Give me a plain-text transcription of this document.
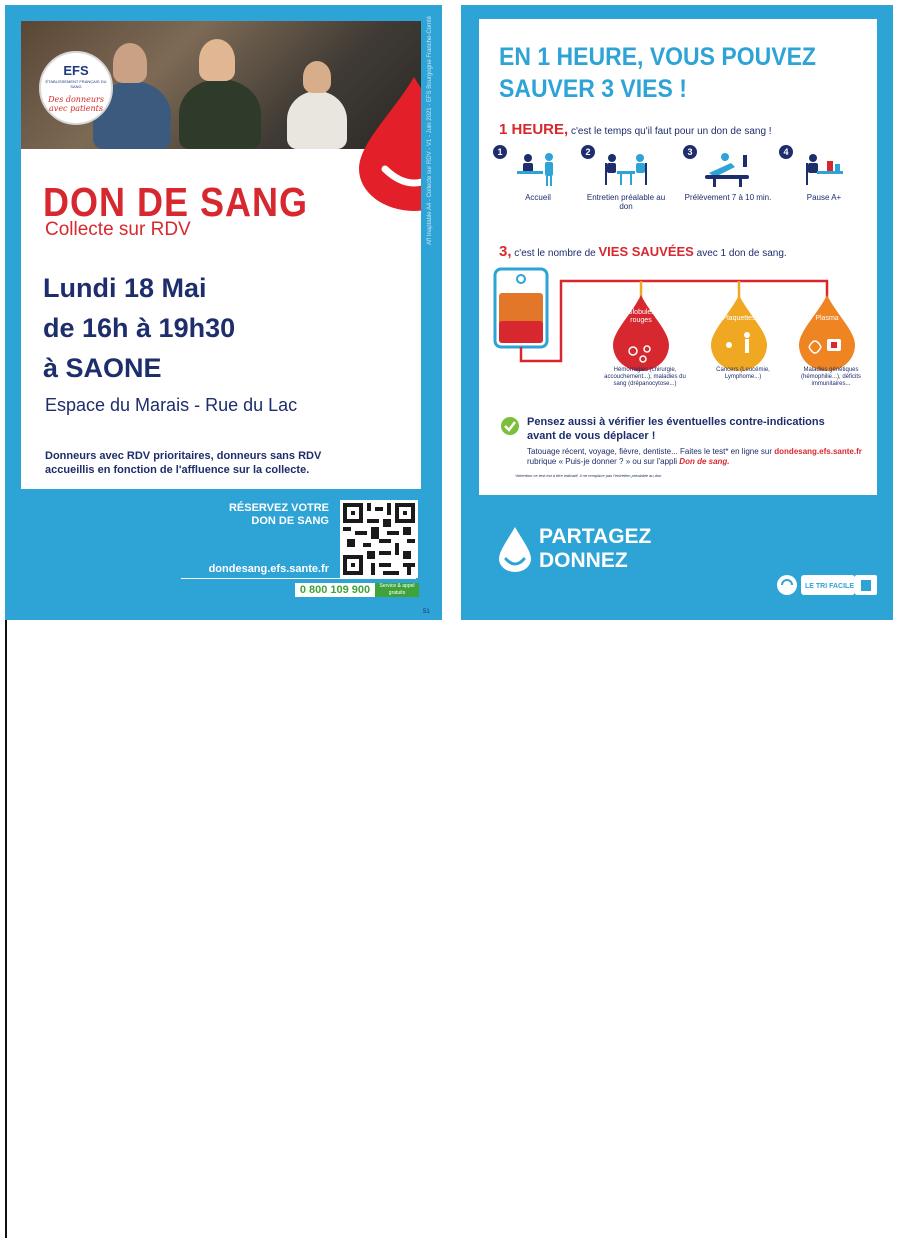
EFS
ÉTABLISSEMENT FRANÇAIS DU SANG
Des donneurs avec patients
DON DE SANG
Collecte sur RDV
Lundi 18 Mai
de 16h à 19h30
à SAONE
Espace du Marais - Rue du Lac
Donneurs avec RDV prioritaires, donneurs sans RDV accueillis en fonction de l'affluence sur la collecte.
Aff Inaptable A4 - Collecte sur RDV - V1 - Juin 2021 - EFS Bourgogne Franche-Comté
RÉSERVEZ VOTRE DON DE SANG
dondesang.efs.sante.fr
0 800 109 900	Service & appel gratuits
51
EN 1 HEURE, VOUS POUVEZ SAUVER 3 VIES !
1 HEURE, c'est le temps qu'il faut pour un don de sang !
1
Accueil
2
Entretien préalable au don
3
Prélèvement 7 à 10 min.
4
Pause A+
3, c'est le nombre de VIES SAUVÉES avec 1 don de sang.
Globules rouges	Plaquettes	Plasma
Hémorragies (chirurgie, accouchement...), maladies du sang (drépanocytose...)
Cancers (Leucémie, Lymphome...)
Maladies génétiques (hémophilie...), déficits immunitaires...
Pensez aussi à vérifier les éventuelles contre-indications avant de vous déplacer !
Tatouage récent, voyage, fièvre, dentiste... Faites le test* en ligne sur dondesang.efs.sante.fr rubrique « Puis-je donner ? » ou sur l'appli Don de sang.
*Attention ce test est à titre indicatif, il ne remplace pas l'entretien préalable au don
PARTAGEZ
DONNEZ
LE TRI FACILE
